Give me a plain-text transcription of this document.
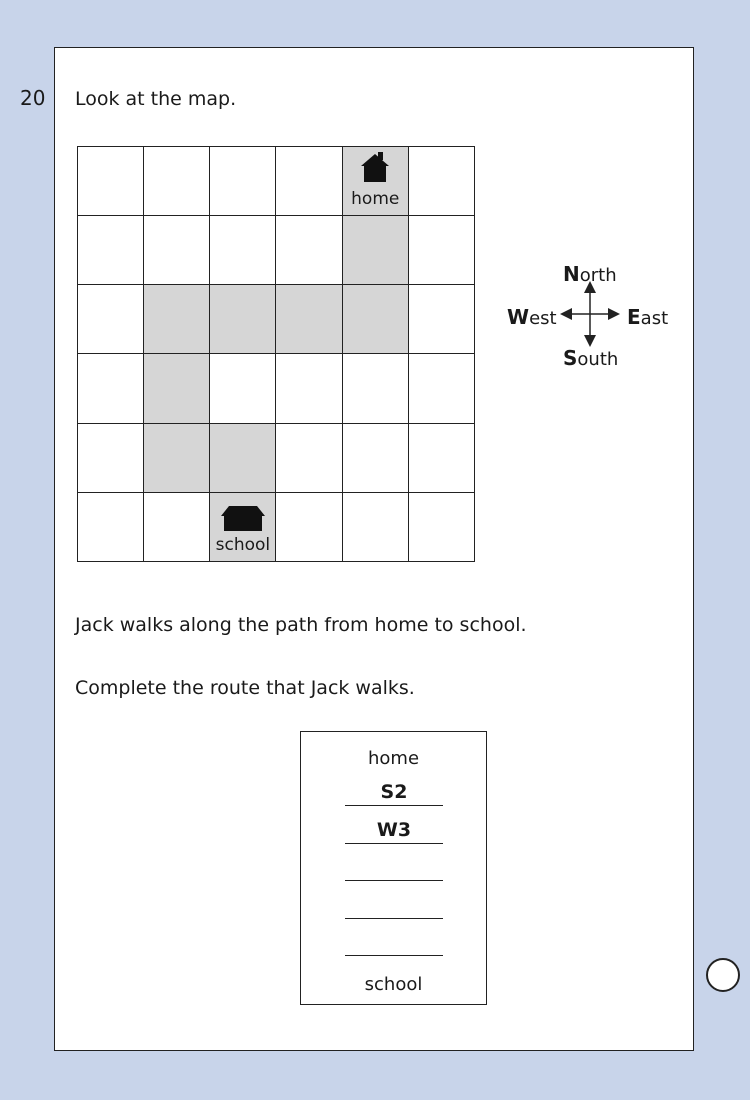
20 Look at the map.
home
school
North
West	East
South
Jack walks along the path from home to school.
Complete the route that Jack walks.
home
S2
W3
school
